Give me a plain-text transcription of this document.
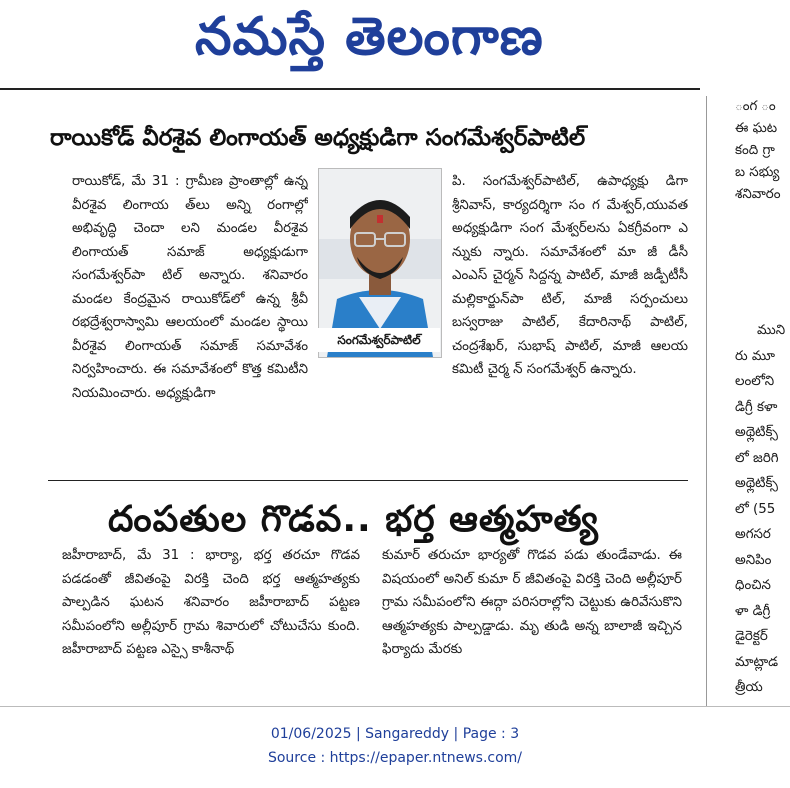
నమస్తే తెలంగాణ
రాయికోడ్ వీరశైవ లింగాయత్ అధ్యక్షుడిగా సంగమేశ్వర్‌పాటిల్

రాయికోడ్, మే 31 : గ్రామీణ ప్రాంతాల్లో ఉన్న వీరశైవ లింగాయ త్‌లు అన్ని రంగాల్లో అభివృద్ధి చెందా లని మండల వీరశైవ లింగాయత్ సమాజ్ అధ్యక్షుడుగా సంగమేశ్వర్‌పా టిల్ అన్నారు. శనివారం మండల కేంద్రమైన రాయికోడ్‌లో ఉన్న శ్రీవీ రభద్రేశ్వరాస్వామి ఆలయంలో మండల స్థాయి వీరశైవ లింగాయత్ సమాజ్ సమావేశం నిర్వహించారు. ఈ సమావేశంలో కొత్త కమిటీని నియమించారు. అధ్యక్షుడిగా

సంగమేశ్వర్‌పాటిల్

పి. సంగమేశ్వర్‌పాటిల్, ఉపాధ్యక్షు డిగా శ్రీనివాస్, కార్యదర్శిగా సం గ మేశ్వర్,యువత అధ్యక్షుడిగా సంగ మేశ్వర్‌లను ఏకగ్రీవంగా ఎ న్నుకు న్నారు. సమావేశంలో మా జీ డీసీ ఎంఎస్ చైర్మన్ సిద్దన్న పాటిల్, మాజీ జడ్పీటీసీ మల్లికార్జున్‌పా టిల్, మాజీ సర్పంచులు బస్వరాజు పాటిల్, కేదారినాథ్ పాటిల్, చంద్రశేఖర్, సుభాష్ పాటిల్, మాజీ ఆలయ కమిటీ చైర్మ న్ సంగమేశ్వర్ ఉన్నారు.

దంపతుల గొడవ.. భర్త ఆత్మహత్య

జహీరాబాద్, మే 31 : భార్యా, భర్త తరచూ గొడవ పడడంతో జీవితంపై విరక్తి చెంది భర్త ఆత్మహత్యకు పాల్పడిన ఘటన శనివారం జహీరాబాద్ పట్టణ సమీపంలోని అల్లీపూర్ గ్రామ శివారులో చోటుచేసు కుంది. జహీరాబాద్ పట్టణ ఎస్సై కాశీనాథ్

కుమార్ తరుచూ భార్యతో గొడవ పడు తుండేవాడు. ఈ విషయంలో అనిల్ కుమా ర్ జీవితంపై విరక్తి చెంది అల్లీపూర్ గ్రామ సమీపంలోని ఈద్గా పరిసరాల్లోని చెట్టుకు ఉరివేసుకొని ఆత్మహత్యకు పాల్పడ్డాడు. మృ తుడి అన్న బాలాజీ ఇచ్చిన ఫిర్యాదు మేరకు

ంగ ం
ఈ ఘట
కంది గ్రా
బ సభ్యు
శనివారం
ముని
రు మూ
లంలోని
డిగ్రీ కళా
అథ్లెటిక్స్
లో జరిగి
అథ్లెటిక్స్
లో (55
అగసర
అనిపిం
ధించిన
ళా డిగ్రీ
డైరెక్టర్
మాట్లాడ
త్రీయ
01/06/2025 | Sangareddy | Page : 3
Source : https://epaper.ntnews.com/
